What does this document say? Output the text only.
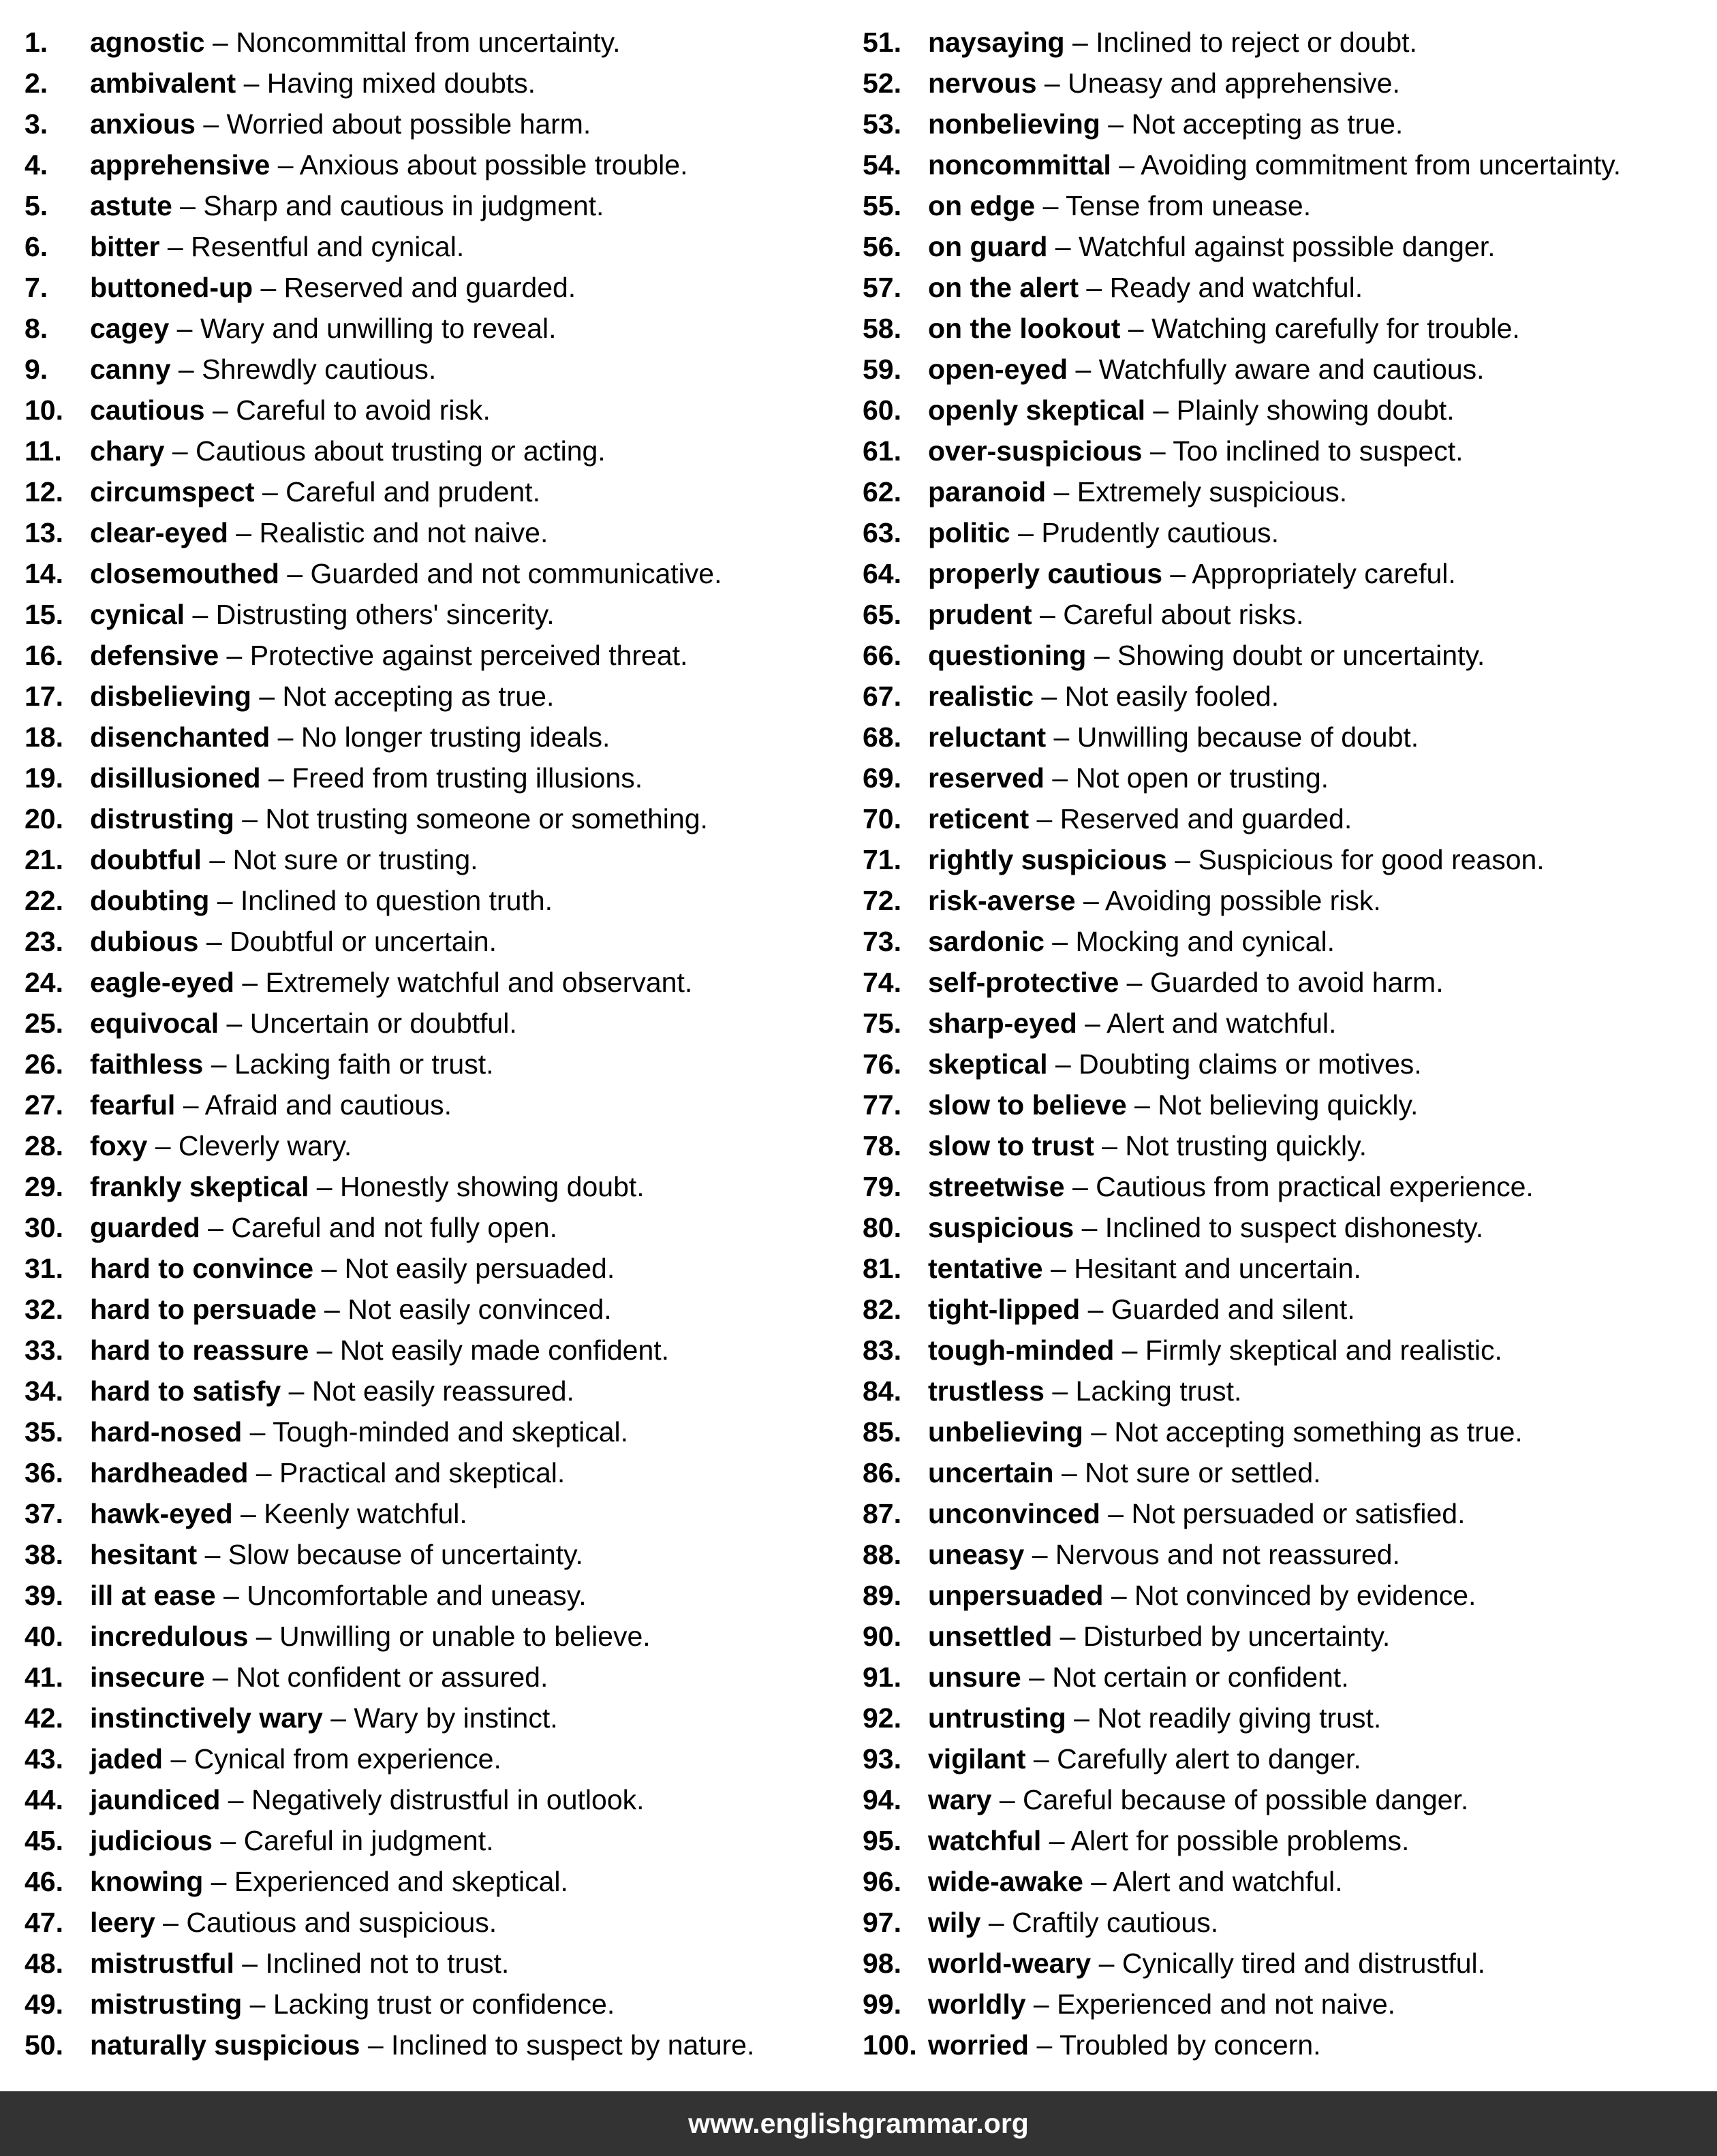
1. agnostic – Noncommittal from uncertainty.
2. ambivalent – Having mixed doubts.
3. anxious – Worried about possible harm.
4. apprehensive – Anxious about possible trouble.
5. astute – Sharp and cautious in judgment.
6. bitter – Resentful and cynical.
7. buttoned-up – Reserved and guarded.
8. cagey – Wary and unwilling to reveal.
9. canny – Shrewdly cautious.
10. cautious – Careful to avoid risk.
11. chary – Cautious about trusting or acting.
12. circumspect – Careful and prudent.
13. clear-eyed – Realistic and not naive.
14. closemouthed – Guarded and not communicative.
15. cynical – Distrusting others' sincerity.
16. defensive – Protective against perceived threat.
17. disbelieving – Not accepting as true.
18. disenchanted – No longer trusting ideals.
19. disillusioned – Freed from trusting illusions.
20. distrusting – Not trusting someone or something.
21. doubtful – Not sure or trusting.
22. doubting – Inclined to question truth.
23. dubious – Doubtful or uncertain.
24. eagle-eyed – Extremely watchful and observant.
25. equivocal – Uncertain or doubtful.
26. faithless – Lacking faith or trust.
27. fearful – Afraid and cautious.
28. foxy – Cleverly wary.
29. frankly skeptical – Honestly showing doubt.
30. guarded – Careful and not fully open.
31. hard to convince – Not easily persuaded.
32. hard to persuade – Not easily convinced.
33. hard to reassure – Not easily made confident.
34. hard to satisfy – Not easily reassured.
35. hard-nosed – Tough-minded and skeptical.
36. hardheaded – Practical and skeptical.
37. hawk-eyed – Keenly watchful.
38. hesitant – Slow because of uncertainty.
39. ill at ease – Uncomfortable and uneasy.
40. incredulous – Unwilling or unable to believe.
41. insecure – Not confident or assured.
42. instinctively wary – Wary by instinct.
43. jaded – Cynical from experience.
44. jaundiced – Negatively distrustful in outlook.
45. judicious – Careful in judgment.
46. knowing – Experienced and skeptical.
47. leery – Cautious and suspicious.
48. mistrustful – Inclined not to trust.
49. mistrusting – Lacking trust or confidence.
50. naturally suspicious – Inclined to suspect by nature.
51. naysaying – Inclined to reject or doubt.
52. nervous – Uneasy and apprehensive.
53. nonbelieving – Not accepting as true.
54. noncommittal – Avoiding commitment from uncertainty.
55. on edge – Tense from unease.
56. on guard – Watchful against possible danger.
57. on the alert – Ready and watchful.
58. on the lookout – Watching carefully for trouble.
59. open-eyed – Watchfully aware and cautious.
60. openly skeptical – Plainly showing doubt.
61. over-suspicious – Too inclined to suspect.
62. paranoid – Extremely suspicious.
63. politic – Prudently cautious.
64. properly cautious – Appropriately careful.
65. prudent – Careful about risks.
66. questioning – Showing doubt or uncertainty.
67. realistic – Not easily fooled.
68. reluctant – Unwilling because of doubt.
69. reserved – Not open or trusting.
70. reticent – Reserved and guarded.
71. rightly suspicious – Suspicious for good reason.
72. risk-averse – Avoiding possible risk.
73. sardonic – Mocking and cynical.
74. self-protective – Guarded to avoid harm.
75. sharp-eyed – Alert and watchful.
76. skeptical – Doubting claims or motives.
77. slow to believe – Not believing quickly.
78. slow to trust – Not trusting quickly.
79. streetwise – Cautious from practical experience.
80. suspicious – Inclined to suspect dishonesty.
81. tentative – Hesitant and uncertain.
82. tight-lipped – Guarded and silent.
83. tough-minded – Firmly skeptical and realistic.
84. trustless – Lacking trust.
85. unbelieving – Not accepting something as true.
86. uncertain – Not sure or settled.
87. unconvinced – Not persuaded or satisfied.
88. uneasy – Nervous and not reassured.
89. unpersuaded – Not convinced by evidence.
90. unsettled – Disturbed by uncertainty.
91. unsure – Not certain or confident.
92. untrusting – Not readily giving trust.
93. vigilant – Carefully alert to danger.
94. wary – Careful because of possible danger.
95. watchful – Alert for possible problems.
96. wide-awake – Alert and watchful.
97. wily – Craftily cautious.
98. world-weary – Cynically tired and distrustful.
99. worldly – Experienced and not naive.
100. worried – Troubled by concern.
www.englishgrammar.org
